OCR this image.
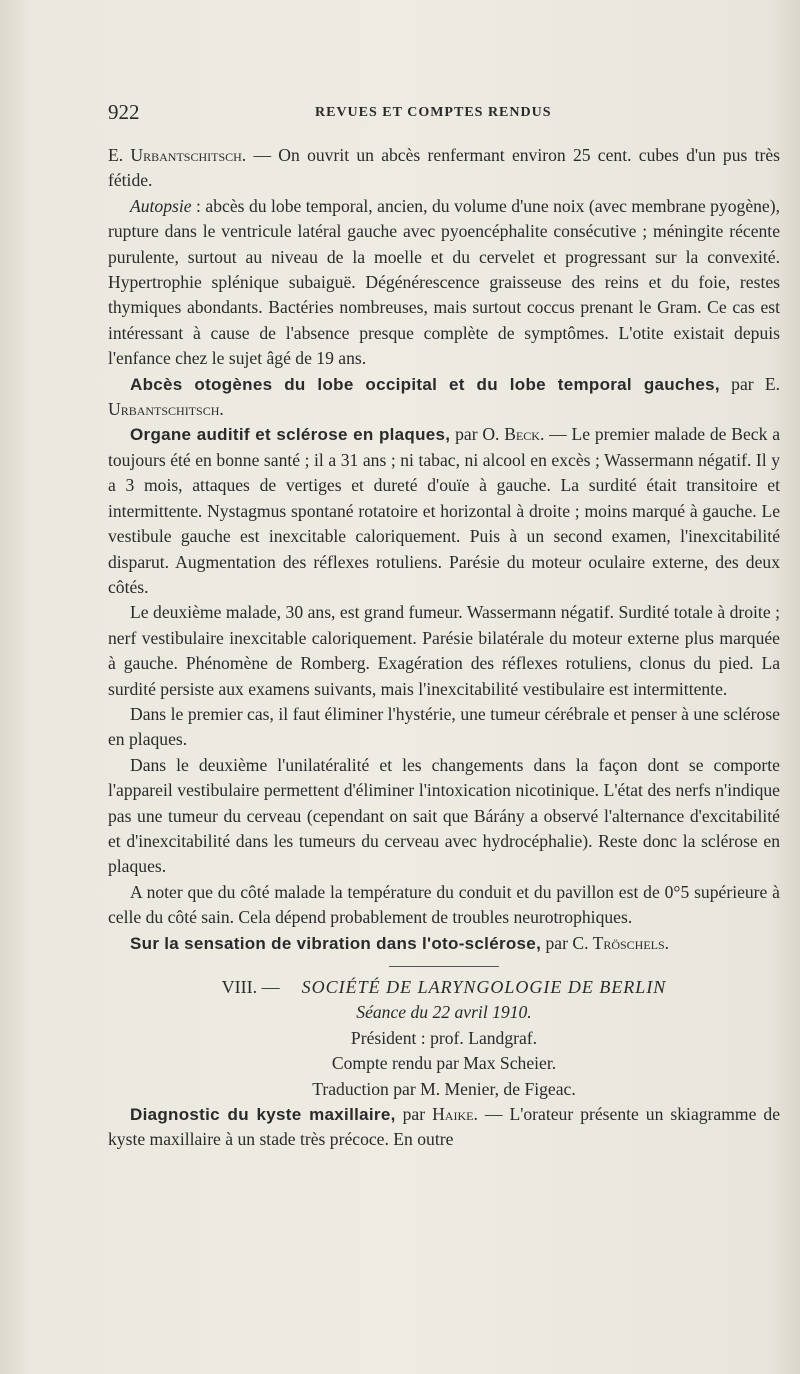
922	REVUES ET COMPTES RENDUS

E. Urbantschitsch. — On ouvrit un abcès renfermant environ 25 cent. cubes d'un pus très fétide.

Autopsie : abcès du lobe temporal, ancien, du volume d'une noix (avec membrane pyogène), rupture dans le ventricule latéral gauche avec pyoencéphalite consécutive ; méningite récente purulente, surtout au niveau de la moelle et du cervelet et progressant sur la convexité. Hypertrophie splénique subaiguë. Dégénérescence graisseuse des reins et du foie, restes thymiques abondants. Bactéries nombreuses, mais surtout coccus prenant le Gram. Ce cas est intéressant à cause de l'absence presque complète de symptômes. L'otite existait depuis l'enfance chez le sujet âgé de 19 ans.

Abcès otogènes du lobe occipital et du lobe temporal gauches, par E. Urbantschitsch.

Organe auditif et sclérose en plaques, par O. Beck. — Le premier malade de Beck a toujours été en bonne santé ; il a 31 ans ; ni tabac, ni alcool en excès ; Wassermann négatif. Il y a 3 mois, attaques de vertiges et dureté d'ouïe à gauche. La surdité était transitoire et intermittente. Nystagmus spontané rotatoire et horizontal à droite ; moins marqué à gauche. Le vestibule gauche est inexcitable caloriquement. Puis à un second examen, l'inexcitabilité disparut. Augmentation des réflexes rotuliens. Parésie du moteur oculaire externe, des deux côtés.

Le deuxième malade, 30 ans, est grand fumeur. Wassermann négatif. Surdité totale à droite ; nerf vestibulaire inexcitable caloriquement. Parésie bilatérale du moteur externe plus marquée à gauche. Phénomène de Romberg. Exagération des réflexes rotuliens, clonus du pied. La surdité persiste aux examens suivants, mais l'inexcitabilité vestibulaire est intermittente.

Dans le premier cas, il faut éliminer l'hystérie, une tumeur cérébrale et penser à une sclérose en plaques.

Dans le deuxième l'unilatéralité et les changements dans la façon dont se comporte l'appareil vestibulaire permettent d'éliminer l'intoxication nicotinique. L'état des nerfs n'indique pas une tumeur du cerveau (cependant on sait que Bárány a observé l'alternance d'excitabilité et d'inexcitabilité dans les tumeurs du cerveau avec hydrocéphalie). Reste donc la sclérose en plaques.

A noter que du côté malade la température du conduit et du pavillon est de 0°5 supérieure à celle du côté sain. Cela dépend probablement de troubles neurotrophiques.

Sur la sensation de vibration dans l'oto-sclérose, par C. Tröschels.

VIII. — SOCIÉTÉ DE LARYNGOLOGIE DE BERLIN

Séance du 22 avril 1910.

Président : prof. Landgraf.

Compte rendu par Max Scheier.

Traduction par M. Menier, de Figeac.

Diagnostic du kyste maxillaire, par Haike. — L'orateur présente un skiagramme de kyste maxillaire à un stade très précoce. En outre
